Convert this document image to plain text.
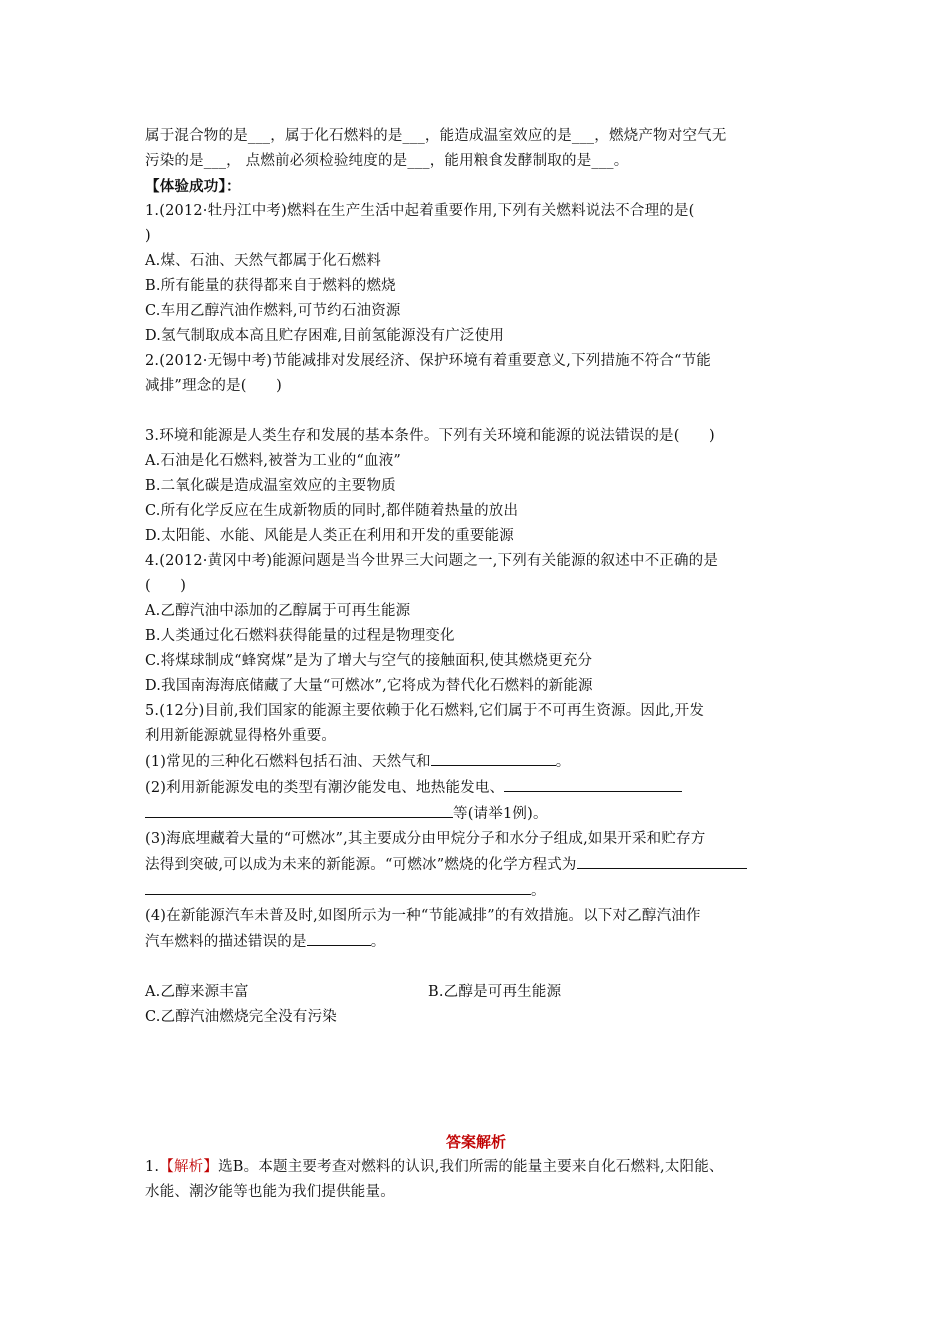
属于混合物的是___，属于化石燃料的是___，能造成温室效应的是___，燃烧产物对空气无
污染的是___， 点燃前必须检验纯度的是___，能用粮食发酵制取的是___。
【体验成功】：
1.(2012·牡丹江中考)燃料在生产生活中起着重要作用,下列有关燃料说法不合理的是(
)
A.煤、石油、天然气都属于化石燃料
B.所有能量的获得都来自于燃料的燃烧
C.车用乙醇汽油作燃料,可节约石油资源
D.氢气制取成本高且贮存困难,目前氢能源没有广泛使用
2.(2012·无锡中考)节能减排对发展经济、保护环境有着重要意义,下列措施不符合“节能
减排”理念的是(　　)
3.环境和能源是人类生存和发展的基本条件。下列有关环境和能源的说法错误的是(　　)
A.石油是化石燃料,被誉为工业的“血液”
B.二氧化碳是造成温室效应的主要物质
C.所有化学反应在生成新物质的同时,都伴随着热量的放出
D.太阳能、水能、风能是人类正在利用和开发的重要能源
4.(2012·黄冈中考)能源问题是当今世界三大问题之一,下列有关能源的叙述中不正确的是
(　　)
A.乙醇汽油中添加的乙醇属于可再生能源
B.人类通过化石燃料获得能量的过程是物理变化
C.将煤球制成“蜂窝煤”是为了增大与空气的接触面积,使其燃烧更充分
D.我国南海海底储藏了大量“可燃冰”,它将成为替代化石燃料的新能源
5.(12分)目前,我们国家的能源主要依赖于化石燃料,它们属于不可再生资源。因此,开发
利用新能源就显得格外重要。
(1)常见的三种化石燃料包括石油、天然气和	。
(2)利用新能源发电的类型有潮汐能发电、地热能发电、
等(请举1例)。
(3)海底埋藏着大量的“可燃冰”,其主要成分由甲烷分子和水分子组成,如果开采和贮存方
法得到突破,可以成为未来的新能源。“可燃冰”燃烧的化学方程式为
。
(4)在新能源汽车未普及时,如图所示为一种“节能减排”的有效措施。以下对乙醇汽油作
汽车燃料的描述错误的是	。
A.乙醇来源丰富	B.乙醇是可再生能源
C.乙醇汽油燃烧完全没有污染
答案解析
1.【解析】选B。本题主要考查对燃料的认识,我们所需的能量主要来自化石燃料,太阳能、
水能、潮汐能等也能为我们提供能量。
